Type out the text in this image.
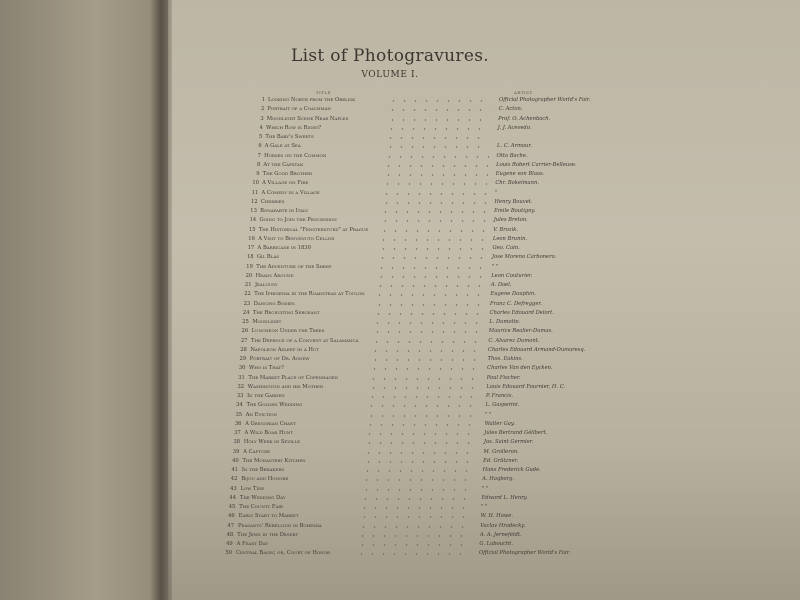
List of Photogravures.
VOLUME I.
TITLE	ARTIST
1 Looking North from the Obelisk	Official Photographer World's Fair.
2 Portrait of a Coachman	C. Acton.
3 Moonlight Scene Near Naples	Prof. O. Achenbach.
4 Which Row is Right?	J. J. Acevedo.
5 The Baby's Sweets
6 A Gale at Sea	L. C. Armour.
7 Horses on the Common	Otto Bache.
8 At the Capstan	Louis Robert Carrier-Belleuse.
9 The Good Brother	Eugene von Blaas.
10 A Village on Fire	Chr. Bokelmann.
11 A Comedy in a Village	"
12 Cherries	Henry Bouvet.
13 Bonaparte in Italy	Emile Boutigny.
14 Going to Join the Procession	Jules Breton.
15 The Historical "Fenstersturz" at Prague	V. Brozik.
16 A Visit to Benvenuto Cellini	Leon Brunin.
17 A Barricade in 1830	Geo. Cain.
18 Gil Blas	Jose Moreno Carbonero.
19 The Adventure of the Sheep	" "
20 Heads Around	Leon Couturier.
21 Jealousy	A. Dael.
22 The Iphigenia in the Roadstead at Toulon	Eugene Dauphin.
23 Dancing Bodies	Franz C. Defregger.
24 The Recruiting Sergeant	Charles Edouard Delort.
25 Moonlight	L. Dumotte.
26 Luncheon Under the Trees	Maurice Realier-Dumas.
27 The Defence of a Convent at Salamanca	C. Alvarez Dumont.
28 Napoleon Asleep in a Hut	Charles Edouard Armand-Dumaresq.
29 Portrait of Dr. Agnew	Thos. Eakins.
30 Who is That?	Charles Van den Eycken.
31 The Market Place of Copenhagen	Paul Fischer.
32 Washington and his Mother	Louis Edouard Fournier, H. C.
33 In the Garden	P. Francis.
34 The Golden Wedding	L. Gasperini.
35 An Eviction	" "
36 A Gregorian Chant	Walter Gay.
37 A Wild Boar Hunt	Jules Bertrand Gélibert.
38 Holy Week in Seville	Jos. Saint Germier.
39 A Capture	M. Grolleron.
40 The Monastery Kitchen	Ed. Grützner.
41 In the Breakers	Hans Frederick Gude.
42 Bijou and Honore	A. Haqborg.
43 Low Tide	" "
44 The Wedding Day	Edward L. Henry.
45 The County Fair	" "
46 Early Start to Market	W. H. Howe.
47 Peasants' Rebellion in Bohemia	Vaclav Hradecky.
48 The Jews in the Desert	A. A. Jernefeldt.
49 A Feast Day	G. Laboucht.
50 Central Basin; or, Court of Honor	Official Photographer World's Fair.
